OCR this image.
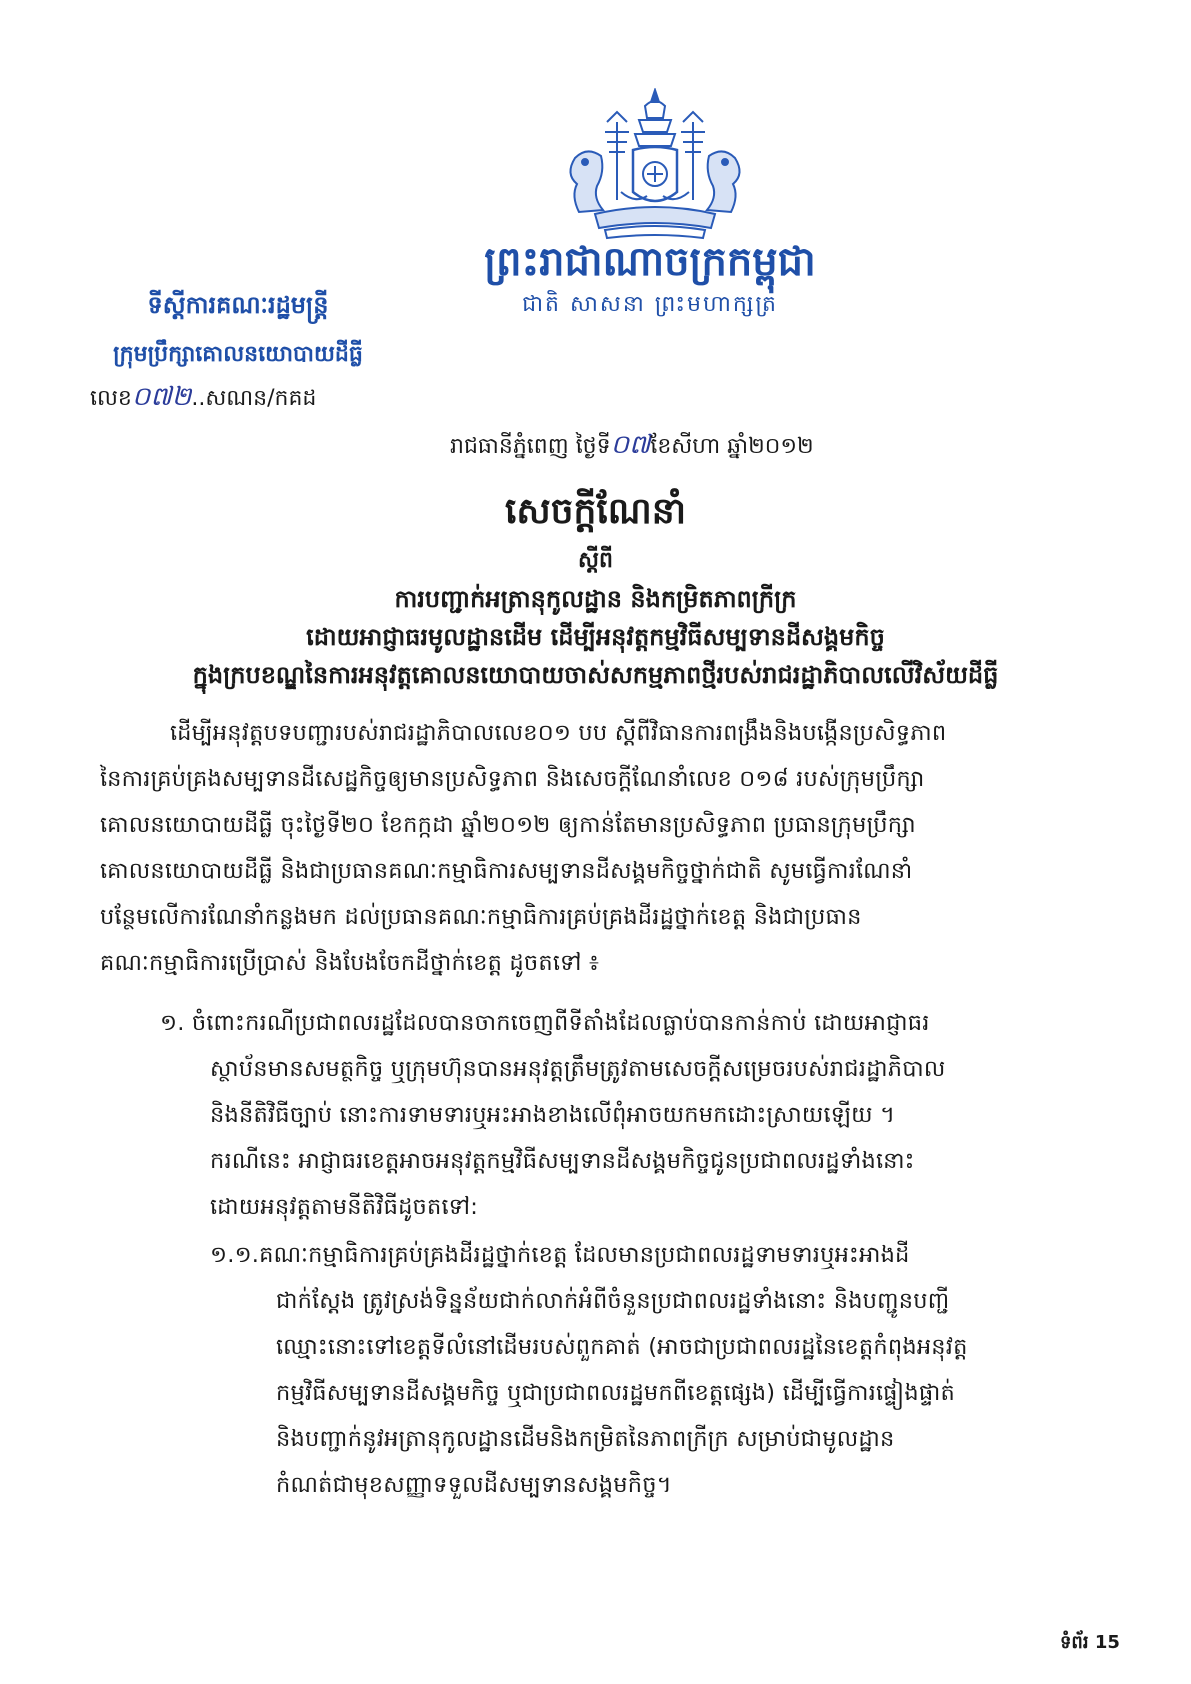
ព្រះរាជាណាចក្រកម្ពុជា
ជាតិ សាសនា ព្រះមហាក្សត្រ
ទីស្តីការគណៈរដ្ឋមន្ត្រី
ក្រុមប្រឹក្សាគោលនយោបាយដីធ្លី
លេខ០៧២..សណន/កគដ
រាជធានីភ្នំពេញ ថ្ងៃទី០៧ខែសីហា ឆ្នាំ២០១២
សេចក្តីណែនាំ
ស្តីពី
ការបញ្ជាក់អត្រានុកូលដ្ឋាន និងកម្រិតភាពក្រីក្រ
ដោយអាជ្ញាធរមូលដ្ឋានដើម ដើម្បីអនុវត្តកម្មវិធីសម្បទានដីសង្គមកិច្ច
ក្នុងក្របខណ្ឌនៃការអនុវត្តគោលនយោបាយចាស់សកម្មភាពថ្មីរបស់រាជរដ្ឋាភិបាលលើវិស័យដីធ្លី
ដើម្បីអនុវត្តបទបញ្ជារបស់រាជរដ្ឋាភិបាលលេខ០១ បប ស្តីពីវិធានការពង្រឹងនិងបង្កើនប្រសិទ្ធភាព
នៃការគ្រប់គ្រងសម្បទានដីសេដ្ឋកិច្ចឲ្យមានប្រសិទ្ធភាព និងសេចក្តីណែនាំលេខ ០១៨ របស់ក្រុមប្រឹក្សា
គោលនយោបាយដីធ្លី ចុះថ្ងៃទី២០ ខែកក្កដា ឆ្នាំ២០១២ ឲ្យកាន់តែមានប្រសិទ្ធភាព ប្រធានក្រុមប្រឹក្សា
គោលនយោបាយដីធ្លី និងជាប្រធានគណៈកម្មាធិការសម្បទានដីសង្គមកិច្ចថ្នាក់ជាតិ សូមធ្វើការណែនាំ
បន្ថែមលើការណែនាំកន្លងមក ដល់ប្រធានគណៈកម្មាធិការគ្រប់គ្រងដីរដ្ឋថ្នាក់ខេត្ត និងជាប្រធាន
គណៈកម្មាធិការប្រើប្រាស់ និងបែងចែកដីថ្នាក់ខេត្ត ដូចតទៅ ៖
១. ចំពោះករណីប្រជាពលរដ្ឋដែលបានចាកចេញពីទីតាំងដែលធ្លាប់បានកាន់កាប់ ដោយអាជ្ញាធរ
ស្ថាប័នមានសមត្ថកិច្ច ឬក្រុមហ៊ុនបានអនុវត្តត្រឹមត្រូវតាមសេចក្តីសម្រេចរបស់រាជរដ្ឋាភិបាល
និងនីតិវិធីច្បាប់ នោះការទាមទារឬអះអាងខាងលើពុំអាចយកមកដោះស្រាយឡើយ ។
ករណីនេះ អាជ្ញាធរខេត្តអាចអនុវត្តកម្មវិធីសម្បទានដីសង្គមកិច្ចជូនប្រជាពលរដ្ឋទាំងនោះ
ដោយអនុវត្តតាមនីតិវិធីដូចតទៅ:
១.១.គណៈកម្មាធិការគ្រប់គ្រងដីរដ្ឋថ្នាក់ខេត្ត ដែលមានប្រជាពលរដ្ឋទាមទារឬអះអាងដី
ជាក់ស្តែង ត្រូវស្រង់ទិន្នន័យជាក់លាក់អំពីចំនួនប្រជាពលរដ្ឋទាំងនោះ និងបញ្ជូនបញ្ជី
ឈ្មោះនោះទៅខេត្តទីលំនៅដើមរបស់ពួកគាត់ (អាចជាប្រជាពលរដ្ឋនៃខេត្តកំពុងអនុវត្ត
កម្មវិធីសម្បទានដីសង្គមកិច្ច ឬជាប្រជាពលរដ្ឋមកពីខេត្តផ្សេង) ដើម្បីធ្វើការផ្ទៀងផ្ទាត់
និងបញ្ជាក់នូវអត្រានុកូលដ្ឋានដើមនិងកម្រិតនៃភាពក្រីក្រ សម្រាប់ជាមូលដ្ឋាន
កំណត់ជាមុខសញ្ញាទទួលដីសម្បទានសង្គមកិច្ច។
ទំព័រ 15
